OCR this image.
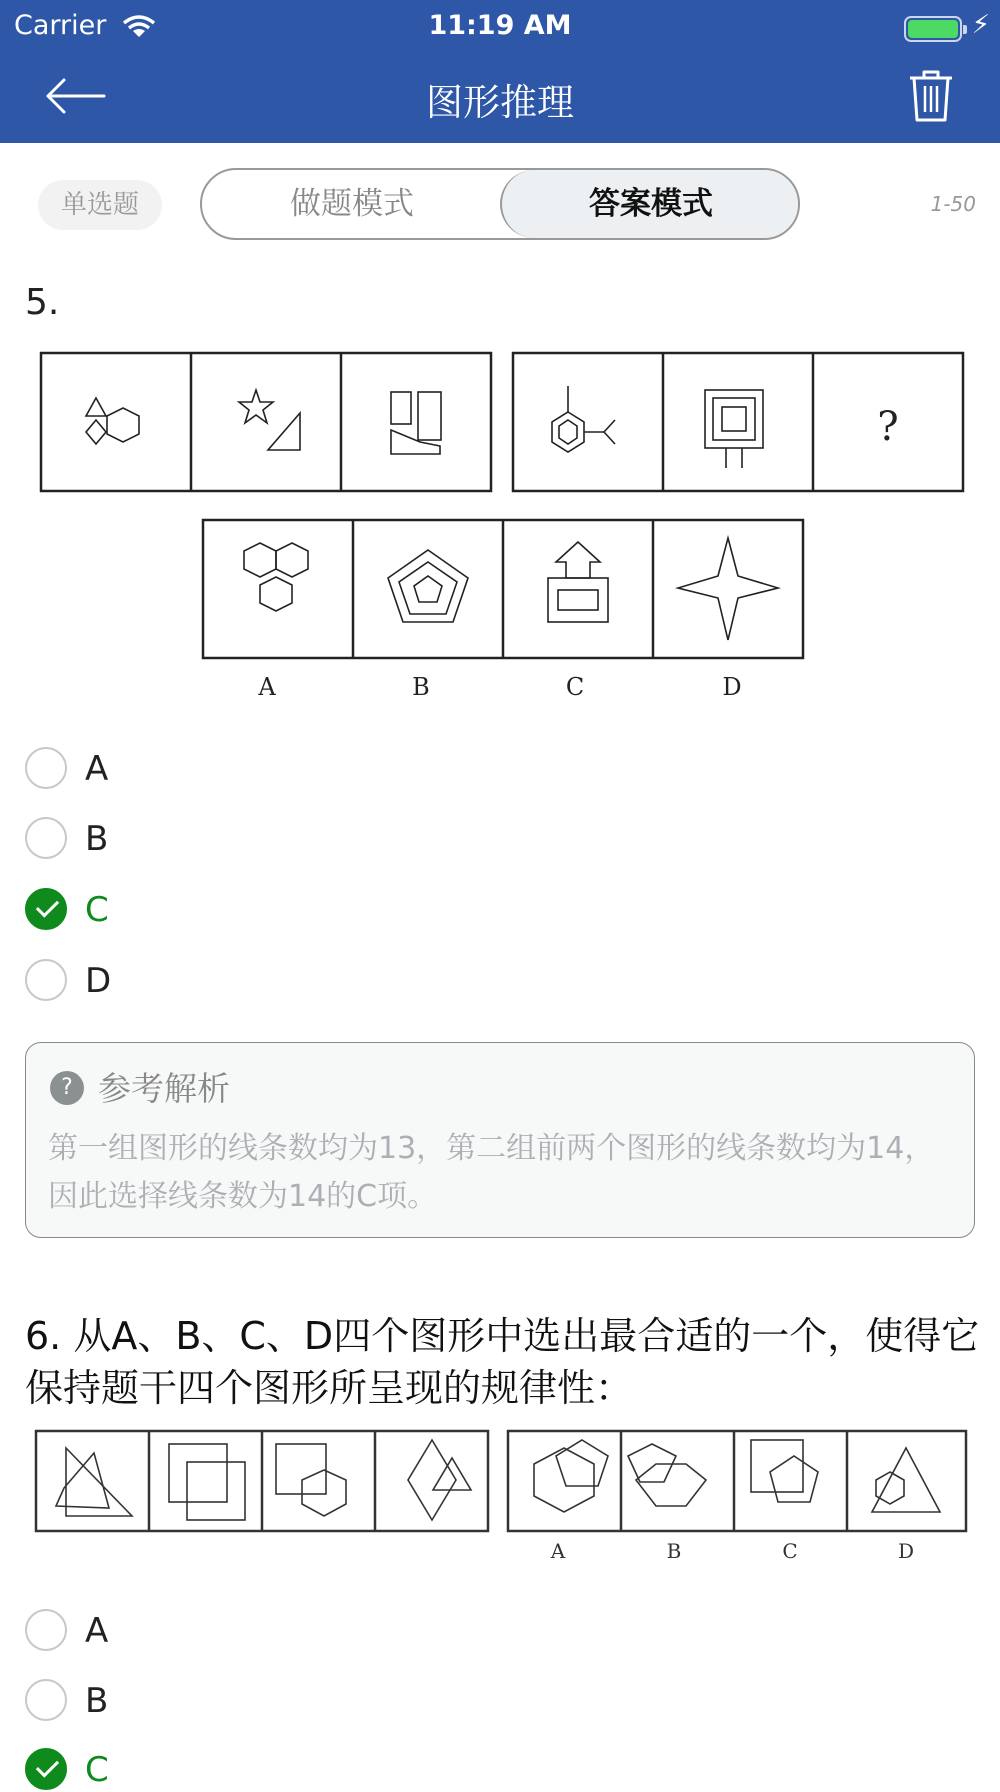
Carrier	11:19 AM	⚡
图形推理
单选题	做题模式	答案模式	1-50
5.
?
A	B	C	D
A
B
C
D
? 参考解析
第一组图形的线条数均为13，第二组前两个图形的线条数均为14，因此选择线条数为14的C项。
6. 从A、B、C、D四个图形中选出最合适的一个，使得它保持题干四个图形所呈现的规律性：
A	B	C	D
A
B
C
